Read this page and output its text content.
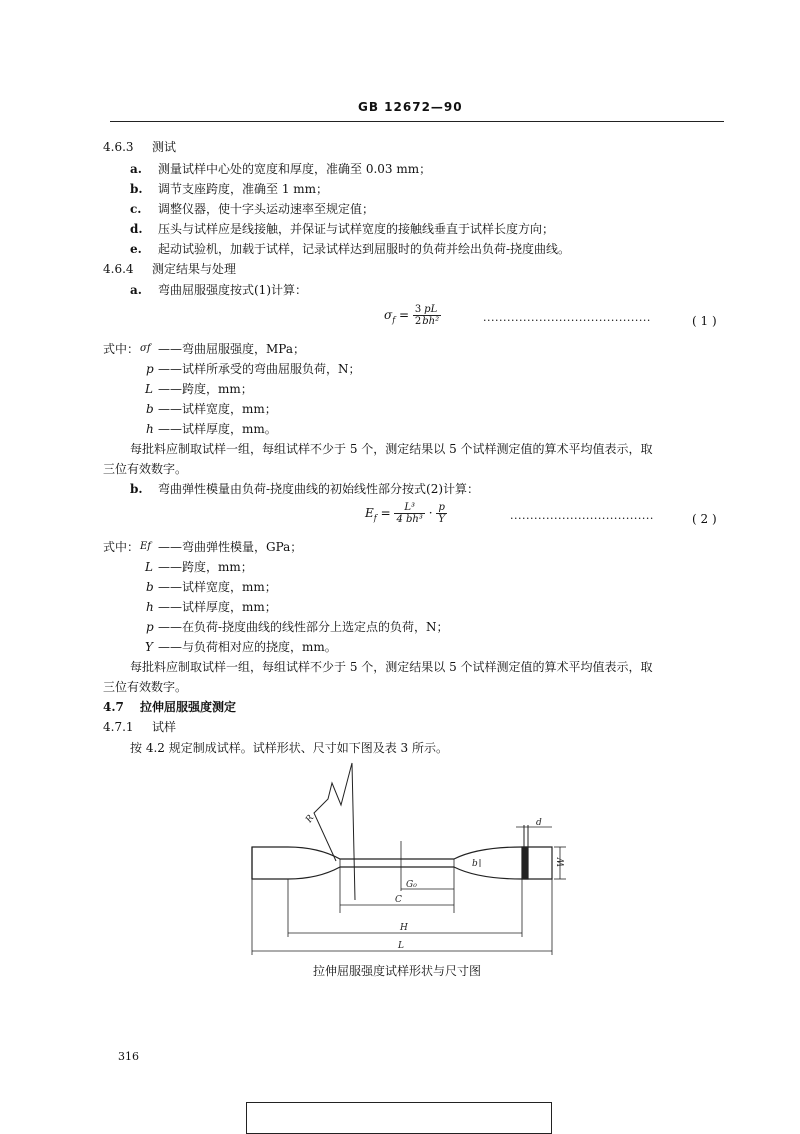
GB 12672—90
4.6.3 测试
a. 测量试样中心处的宽度和厚度，准确至 0.03 mm；
b. 调节支座跨度，准确至 1 mm；
c. 调整仪器，使十字头运动速率至规定值；
d. 压头与试样应是线接触，并保证与试样宽度的接触线垂直于试样长度方向；
e. 起动试验机，加载于试样，记录试样达到屈服时的负荷并绘出负荷-挠度曲线。
4.6.4 测定结果与处理
a. 弯曲屈服强度按式(1)计算：
$\sigma_f = \frac{3}{2}$
$\frac{pL}{\text{bh²}}$	··········································	( 1 )
式中： σf ——弯曲屈服强度，MPa；
p ——试样所承受的弯曲屈服负荷，N；
L ——跨度，mm；
b ——试样宽度，mm；
h ——试样厚度，mm。
每批料应制取试样一组，每组试样不少于 5 个，测定结果以 5 个试样测定值的算术平均值表示，取
三位有效数字。
b. 弯曲弹性模量由负荷-挠度曲线的初始线性部分按式(2)计算：
$E_f = \frac{\text{L³}}{\text{4 bh³}} \cdot \frac{p}{Y}$	····································	( 2 )
式中： Ef ——弯曲弹性模量，GPa；
L ——跨度，mm；
b ——试样宽度，mm；
h ——试样厚度，mm；
p ——在负荷-挠度曲线的线性部分上选定点的负荷，N；
Y ——与负荷相对应的挠度，mm。
每批料应制取试样一组，每组试样不少于 5 个，测定结果以 5 个试样测定值的算术平均值表示，取
三位有效数字。
4.7 拉伸屈服强度测定
4.7.1 试样
按 4.2 规定制成试样。试样形状、尺寸如下图及表 3 所示。
R	d
W
b
G₀
C
H
L
拉伸屈服强度试样形状与尺寸图
316
